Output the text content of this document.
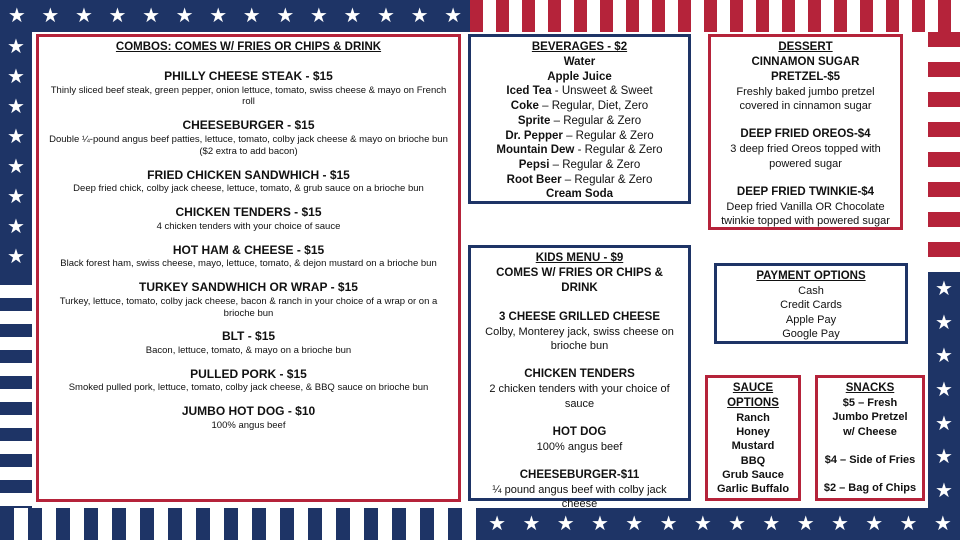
★ ★ ★ ★ ★ ★ ★ ★ ★ ★ ★ ★ ★ ★
★
★
★
★
★
★
★
★
★ ★ ★ ★ ★ ★ ★ ★ ★ ★ ★ ★ ★ ★
★
★
★
★
★
★
★
COMBOS: COMES W/ FRIES OR CHIPS & DRINK
PHILLY CHEESE STEAK - $15
Thinly sliced beef steak, green pepper, onion lettuce, tomato, swiss cheese & mayo on French roll
CHEESEBURGER - $15
Double ¼-pound angus beef patties, lettuce, tomato, colby jack cheese & mayo on brioche bun
($2 extra to add bacon)
FRIED CHICKEN SANDWHICH - $15
Deep fried chick, colby jack cheese, lettuce, tomato, & grub sauce on a brioche bun
CHICKEN TENDERS - $15
4 chicken tenders with your choice of sauce
HOT HAM & CHEESE - $15
Black forest ham, swiss cheese, mayo, lettuce, tomato, & dejon mustard on a brioche bun
TURKEY SANDWHICH OR WRAP - $15
Turkey, lettuce, tomato, colby jack cheese, bacon & ranch in your choice of a wrap or on a brioche bun
BLT - $15
Bacon, lettuce, tomato, & mayo on a brioche bun
PULLED PORK - $15
Smoked pulled pork, lettuce, tomato, colby jack cheese, & BBQ sauce on brioche bun
JUMBO HOT DOG - $10
100% angus beef
BEVERAGES - $2
Water
Apple Juice
Iced Tea - Unsweet & Sweet
Coke – Regular, Diet, Zero
Sprite – Regular & Zero
Dr. Pepper – Regular & Zero
Mountain Dew - Regular & Zero
Pepsi – Regular & Zero
Root Beer – Regular & Zero
Cream Soda
DESSERT
CINNAMON SUGAR PRETZEL-$5
Freshly baked jumbo pretzel covered in cinnamon sugar
DEEP FRIED OREOS-$4
3 deep fried Oreos topped with powered sugar
DEEP FRIED TWINKIE-$4
Deep fried Vanilla OR Chocolate twinkie topped with powered sugar
KIDS MENU - $9
COMES W/ FRIES OR CHIPS & DRINK
3 CHEESE GRILLED CHEESE
Colby, Monterey jack, swiss cheese on brioche bun
CHICKEN TENDERS
2 chicken tenders with your choice of sauce
HOT DOG
100% angus beef
CHEESEBURGER-$11
¼ pound angus beef with colby jack cheese
PAYMENT OPTIONS
Cash
Credit Cards
Apple Pay
Google Pay
SAUCE
OPTIONS
Ranch
Honey
Mustard
BBQ
Grub Sauce
Garlic Buffalo
SNACKS
$5 – Fresh
Jumbo Pretzel
w/ Cheese
$4 – Side of Fries
$2 – Bag of Chips
